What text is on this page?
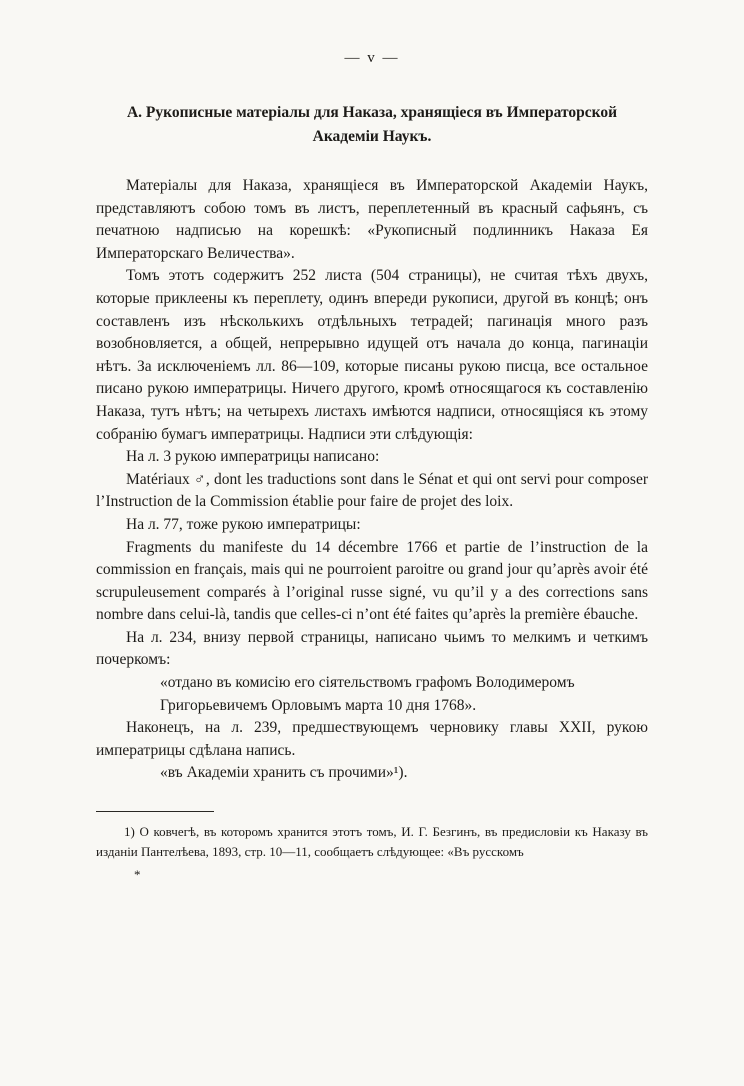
— v —
А. Рукописные матеріалы для Наказа, хранящіеся въ Императорской Академіи Наукъ.

Матеріалы для Наказа, хранящіеся въ Императорской Академіи Наукъ, представляютъ собою томъ въ листъ, переплетенный въ красный сафьянъ, съ печатною надписью на корешкѣ: «Рукописный подлинникъ Наказа Ея Императорскаго Величества».

Томъ этотъ содержитъ 252 листа (504 страницы), не считая тѣхъ двухъ, которые приклеены къ переплету, одинъ впереди рукописи, другой въ концѣ; онъ составленъ изъ нѣсколькихъ отдѣльныхъ тетрадей; пагинація много разъ возобновляется, а общей, непрерывно идущей отъ начала до конца, пагинаціи нѣтъ. За исключеніемъ лл. 86—109, которые писаны рукою писца, все остальное писано рукою императрицы. Ничего другого, кромѣ относящагося къ составленію Наказа, тутъ нѣтъ; на четырехъ листахъ имѣются надписи, относящіяся къ этому собранію бумагъ императрицы. Надписи эти слѣдующія:

На л. 3 рукою императрицы написано:

Matériaux ♂, dont les traductions sont dans le Sénat et qui ont servi pour composer l’Instruction de la Commission établie pour faire de projet des loix.

На л. 77, тоже рукою императрицы:

Fragments du manifeste du 14 décembre 1766 et partie de l’instruction de la commission en français, mais qui ne pourroient paroitre ou grand jour qu’après avoir été scrupuleusement comparés à l’original russe signé, vu qu’il y a des corrections sans nombre dans celui-là, tandis que celles-ci n’ont été faites qu’après la première ébauche.

На л. 234, внизу первой страницы, написано чьимъ то мелкимъ и четкимъ почеркомъ:

«отдано въ комисію его сіятельствомъ графомъ Володимеромъ Григорьевичемъ Орловымъ марта 10 дня 1768».

Наконецъ, на л. 239, предшествующемъ черновику главы XXII, рукою императрицы сдѣлана напись.

«въ Академіи хранить съ прочими»¹).

1) О ковчегѣ, въ которомъ хранится этотъ томъ, И. Г. Безгинъ, въ предисловіи къ Наказу въ изданіи Пантелѣева, 1893, стр. 10—11, сообщаетъ слѣдующее: «Въ русскомъ

*
